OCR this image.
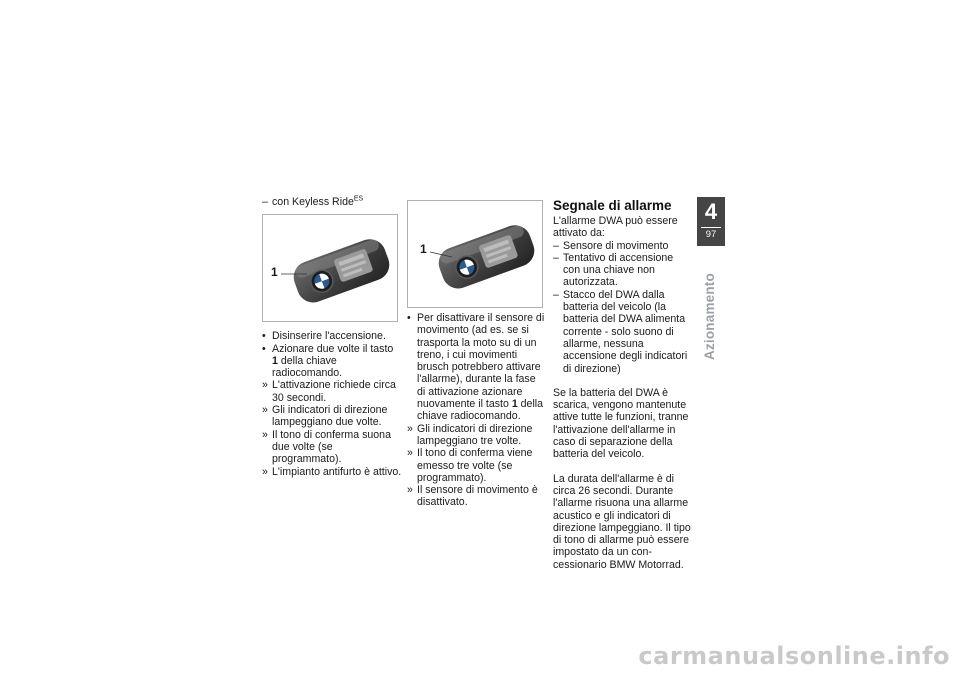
– con Keyless Ride$^{ES}$
1
• Disinserire l'accensione.
• Azionare due volte il tasto 1 della chiave radiocomando.
» L'attivazione richiede circa 30 secondi.
» Gli indicatori di direzione lampeggiano due volte.
» Il tono di conferma suona due volte (se programmato).
» L'impianto antifurto è attivo.
1
• Per disattivare il sensore di movimento (ad es. se si trasporta la moto su di un treno, i cui movimenti brusch potrebbero attivare l'allarme), durante la fase di attivazione azionare nuovamente il tasto 1 della chiave radiocomando.
» Gli indicatori di direzione lampeggiano tre volte.
» Il tono di conferma viene emesso tre volte (se programmato).
» Il sensore di movimento è disattivato.
Segnale di allarme

L'allarme DWA può essere attivato da:

– Sensore di movimento
– Tentativo di accensione con una chiave non autorizzata.
– Stacco del DWA dalla batteria del veicolo (la batteria del DWA alimenta corrente - solo suono di allarme, nessuna accensione degli indicatori di direzione)

Se la batteria del DWA è scarica, vengono mantenute attive tutte le funzioni, tranne l'attivazione dell'allarme in caso di separazione della batteria del veicolo.

La durata dell'allarme è di circa 26 secondi. Durante l'allarme risuona una allarme acustico e gli indicatori di direzione lampeggiano. Il tipo di tono di allarme può essere impostato da un concessionario BMW Motorrad.

4
97
Azionamento
carmanualsonline.info
